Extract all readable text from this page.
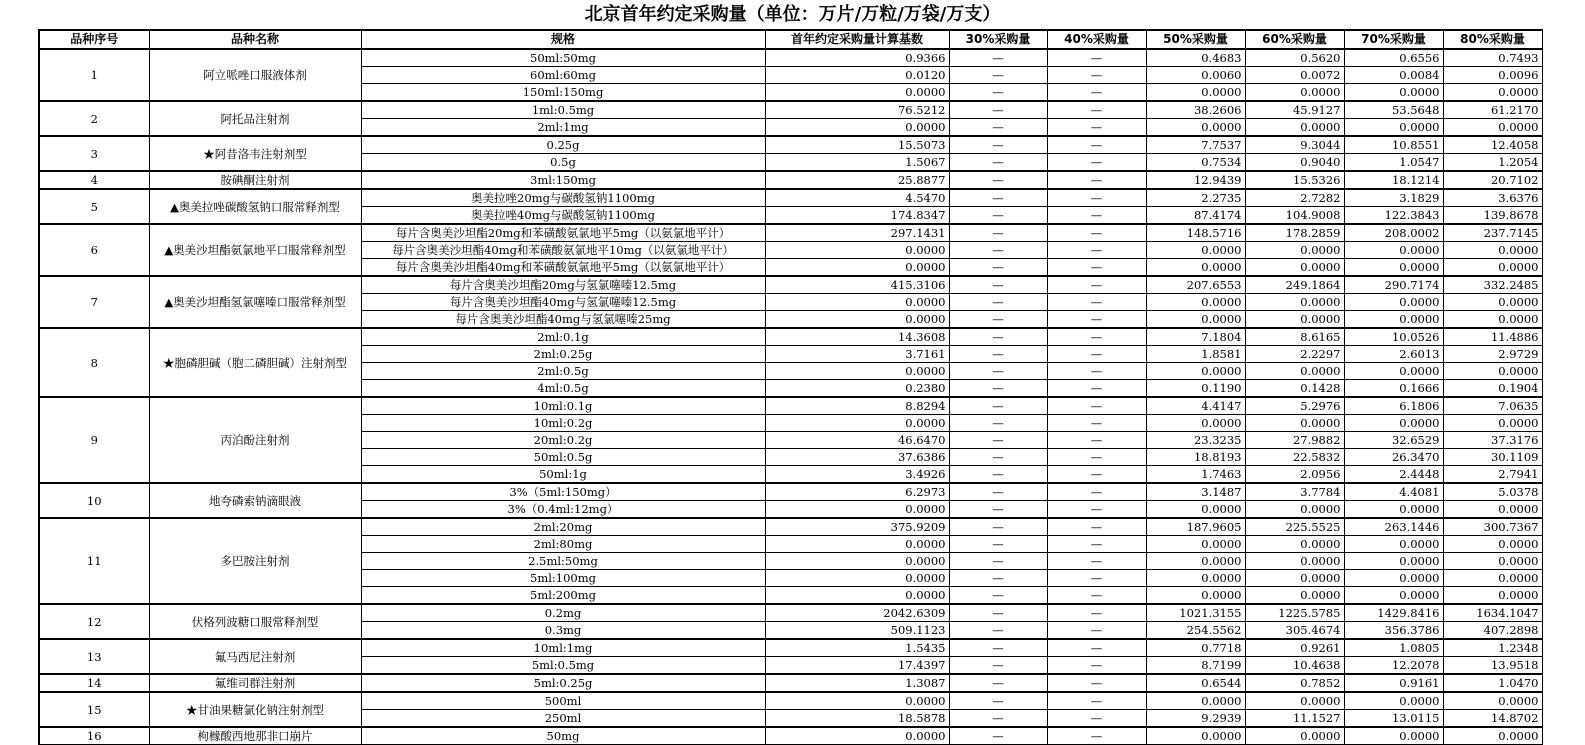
北京首年约定采购量（单位：万片/万粒/万袋/万支）
品种序号	品种名称	规格	首年约定采购量计算基数	30%采购量	40%采购量	50%采购量	60%采购量	70%采购量	80%采购量
1	阿立哌唑口服液体剂	50ml:50mg	0.9366	—	—	0.4683	0.5620	0.6556	0.7493
		60ml:60mg	0.0120	—	—	0.0060	0.0072	0.0084	0.0096
		150ml:150mg	0.0000	—	—	0.0000	0.0000	0.0000	0.0000
2	阿托品注射剂	1ml:0.5mg	76.5212	—	—	38.2606	45.9127	53.5648	61.2170
		2ml:1mg	0.0000	—	—	0.0000	0.0000	0.0000	0.0000
3	★阿昔洛韦注射剂型	0.25g	15.5073	—	—	7.7537	9.3044	10.8551	12.4058
		0.5g	1.5067	—	—	0.7534	0.9040	1.0547	1.2054
4	胺碘酮注射剂	3ml:150mg	25.8877	—	—	12.9439	15.5326	18.1214	20.7102
5	▲奥美拉唑碳酸氢钠口服常释剂型	奥美拉唑20mg与碳酸氢钠1100mg	4.5470	—	—	2.2735	2.7282	3.1829	3.6376
		奥美拉唑40mg与碳酸氢钠1100mg	174.8347	—	—	87.4174	104.9008	122.3843	139.8678
6	▲奥美沙坦酯氨氯地平口服常释剂型	每片含奥美沙坦酯20mg和苯磺酸氨氯地平5mg（以氨氯地平计）	297.1431	—	—	148.5716	178.2859	208.0002	237.7145
		每片含奥美沙坦酯40mg和苯磺酸氨氯地平10mg（以氨氯地平计）	0.0000	—	—	0.0000	0.0000	0.0000	0.0000
		每片含奥美沙坦酯40mg和苯磺酸氨氯地平5mg（以氨氯地平计）	0.0000	—	—	0.0000	0.0000	0.0000	0.0000
7	▲奥美沙坦酯氢氯噻嗪口服常释剂型	每片含奥美沙坦酯20mg与氢氯噻嗪12.5mg	415.3106	—	—	207.6553	249.1864	290.7174	332.2485
		每片含奥美沙坦酯40mg与氢氯噻嗪12.5mg	0.0000	—	—	0.0000	0.0000	0.0000	0.0000
		每片含奥美沙坦酯40mg与氢氯噻嗪25mg	0.0000	—	—	0.0000	0.0000	0.0000	0.0000
8	★胞磷胆碱（胞二磷胆碱）注射剂型	2ml:0.1g	14.3608	—	—	7.1804	8.6165	10.0526	11.4886
		2ml:0.25g	3.7161	—	—	1.8581	2.2297	2.6013	2.9729
		2ml:0.5g	0.0000	—	—	0.0000	0.0000	0.0000	0.0000
		4ml:0.5g	0.2380	—	—	0.1190	0.1428	0.1666	0.1904
9	丙泊酚注射剂	10ml:0.1g	8.8294	—	—	4.4147	5.2976	6.1806	7.0635
		10ml:0.2g	0.0000	—	—	0.0000	0.0000	0.0000	0.0000
		20ml:0.2g	46.6470	—	—	23.3235	27.9882	32.6529	37.3176
		50ml:0.5g	37.6386	—	—	18.8193	22.5832	26.3470	30.1109
		50ml:1g	3.4926	—	—	1.7463	2.0956	2.4448	2.7941
10	地夸磷索钠滴眼液	3%（5ml:150mg）	6.2973	—	—	3.1487	3.7784	4.4081	5.0378
		3%（0.4ml:12mg）	0.0000	—	—	0.0000	0.0000	0.0000	0.0000
11	多巴胺注射剂	2ml:20mg	375.9209	—	—	187.9605	225.5525	263.1446	300.7367
		2ml:80mg	0.0000	—	—	0.0000	0.0000	0.0000	0.0000
		2.5ml:50mg	0.0000	—	—	0.0000	0.0000	0.0000	0.0000
		5ml:100mg	0.0000	—	—	0.0000	0.0000	0.0000	0.0000
		5ml:200mg	0.0000	—	—	0.0000	0.0000	0.0000	0.0000
12	伏格列波糖口服常释剂型	0.2mg	2042.6309	—	—	1021.3155	1225.5785	1429.8416	1634.1047
		0.3mg	509.1123	—	—	254.5562	305.4674	356.3786	407.2898
13	氟马西尼注射剂	10ml:1mg	1.5435	—	—	0.7718	0.9261	1.0805	1.2348
		5ml:0.5mg	17.4397	—	—	8.7199	10.4638	12.2078	13.9518
14	氟维司群注射剂	5ml:0.25g	1.3087	—	—	0.6544	0.7852	0.9161	1.0470
15	★甘油果糖氯化钠注射剂型	500ml	0.0000	—	—	0.0000	0.0000	0.0000	0.0000
		250ml	18.5878	—	—	9.2939	11.1527	13.0115	14.8702
16	枸橼酸西地那非口崩片	50mg	0.0000	—	—	0.0000	0.0000	0.0000	0.0000
